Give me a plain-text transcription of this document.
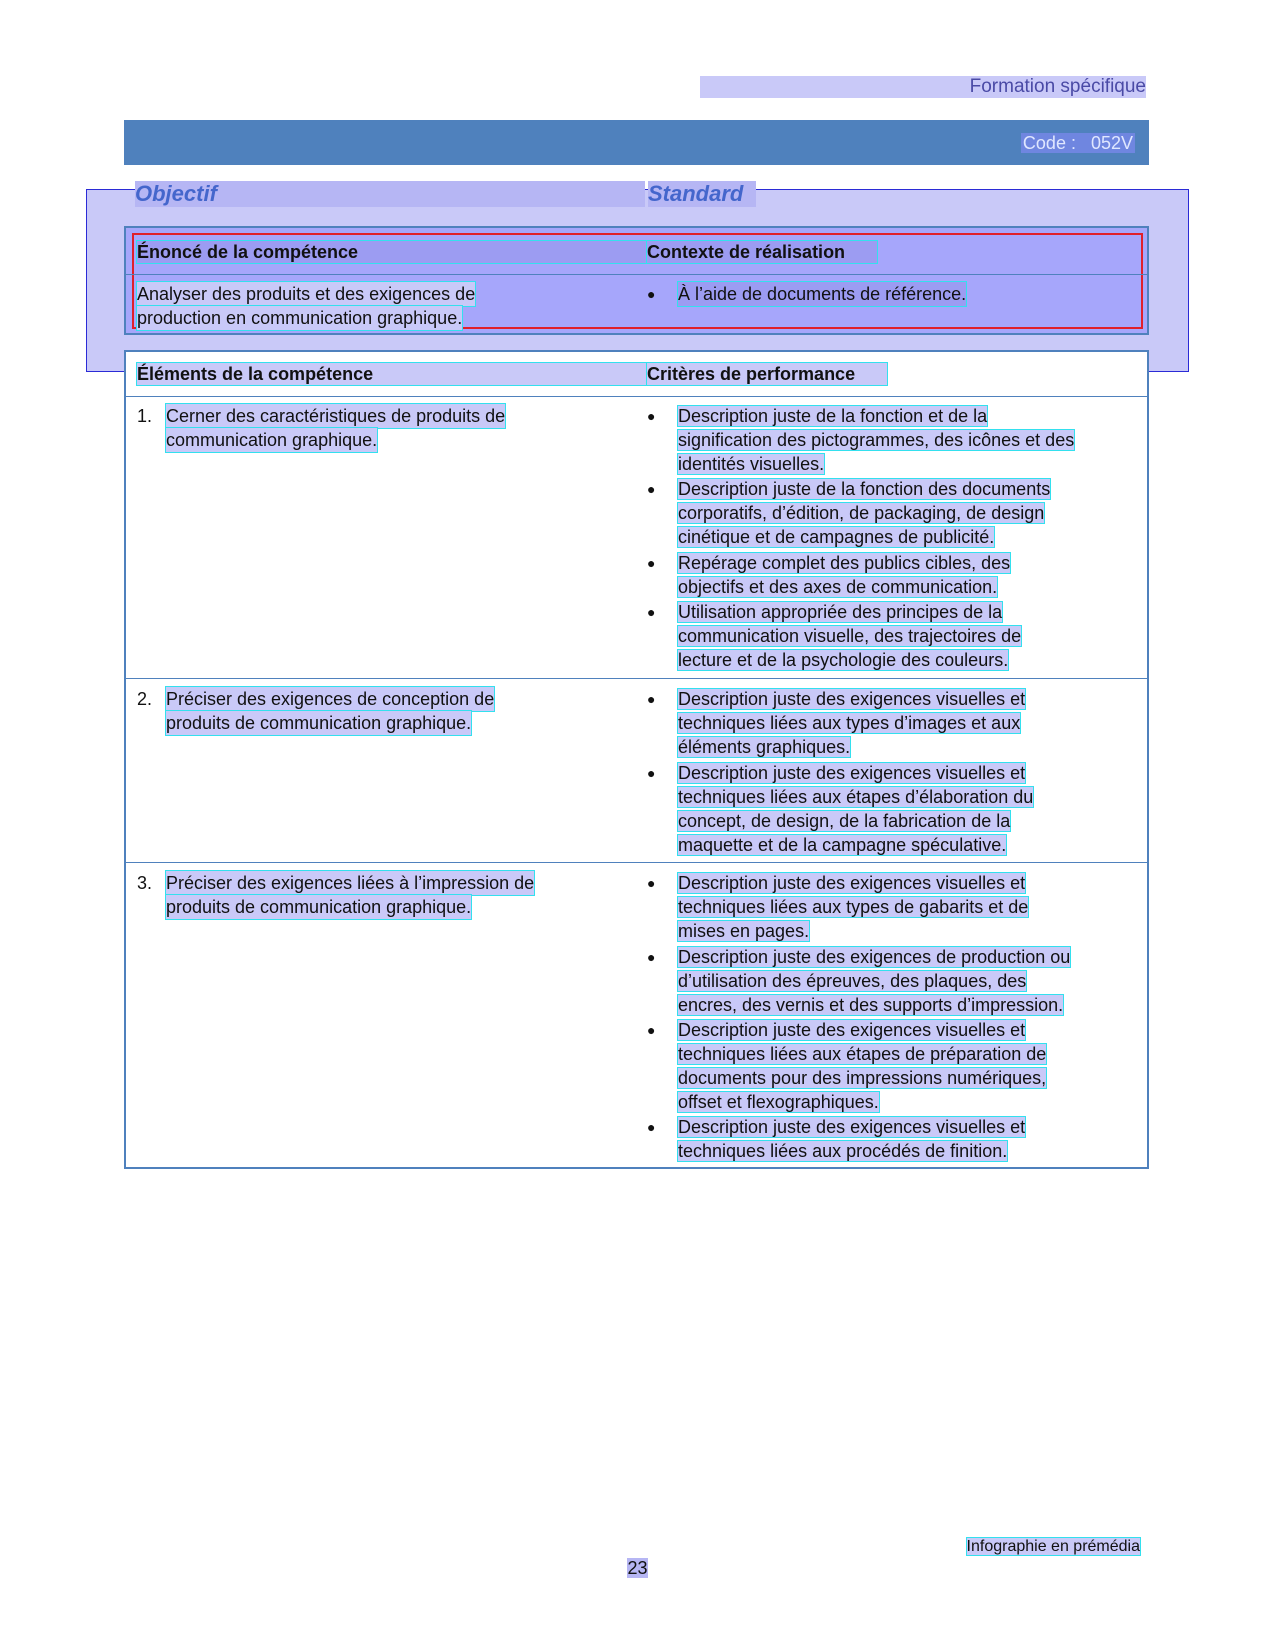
Formation spécifique
Code :   052V
Objectif	Standard
Énoncé de la compétence	Contexte de réalisation
Analyser des produits et des exigences de
production en communication graphique.
● À l’aide de documents de référence.
Éléments de la compétence	Critères de performance
1. Cerner des caractéristiques de produits de
communication graphique.
● Description juste de la fonction et de la
signification des pictogrammes, des icônes et des
identités visuelles.
● Description juste de la fonction des documents
corporatifs, d’édition, de packaging, de design
cinétique et de campagnes de publicité.
● Repérage complet des publics cibles, des
objectifs et des axes de communication.
● Utilisation appropriée des principes de la
communication visuelle, des trajectoires de
lecture et de la psychologie des couleurs.
2. Préciser des exigences de conception de
produits de communication graphique.
● Description juste des exigences visuelles et
techniques liées aux types d’images et aux
éléments graphiques.
● Description juste des exigences visuelles et
techniques liées aux étapes d’élaboration du
concept, de design, de la fabrication de la
maquette et de la campagne spéculative.
3. Préciser des exigences liées à l’impression de
produits de communication graphique.
● Description juste des exigences visuelles et
techniques liées aux types de gabarits et de
mises en pages.
● Description juste des exigences de production ou
d’utilisation des épreuves, des plaques, des
encres, des vernis et des supports d’impression.
● Description juste des exigences visuelles et
techniques liées aux étapes de préparation de
documents pour des impressions numériques,
offset et flexographiques.
● Description juste des exigences visuelles et
techniques liées aux procédés de finition.
Infographie en prémédia
23
